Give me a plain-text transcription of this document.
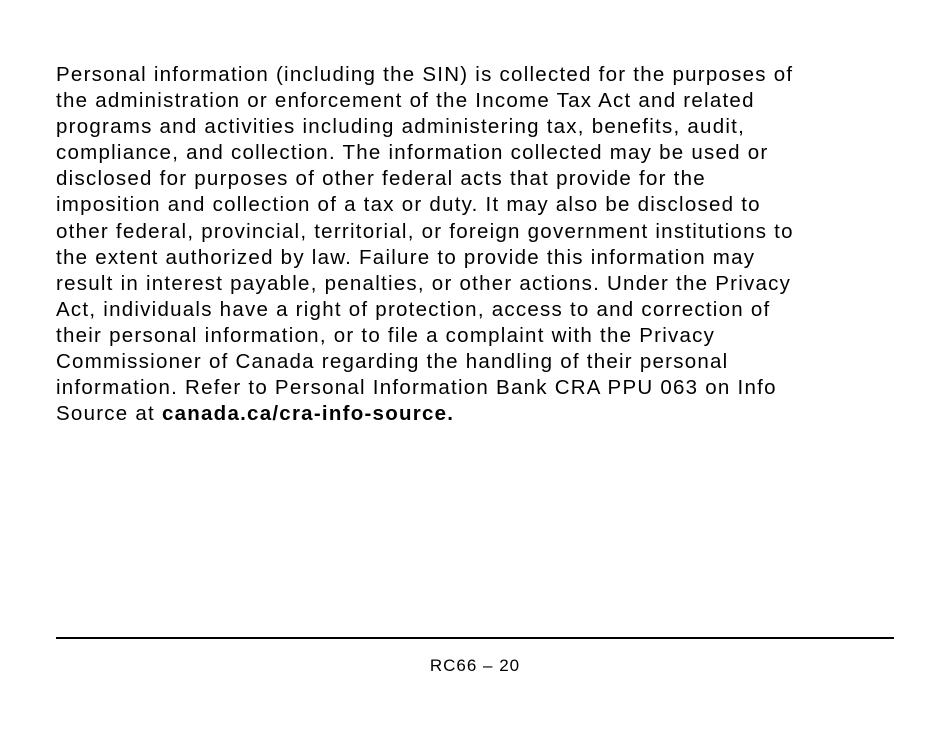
Personal information (including the SIN) is collected for the purposes of
the administration or enforcement of the Income Tax Act and related
programs and activities including administering tax, benefits, audit,
compliance, and collection. The information collected may be used or
disclosed for purposes of other federal acts that provide for the
imposition and collection of a tax or duty. It may also be disclosed to
other federal, provincial, territorial, or foreign government institutions to
the extent authorized by law. Failure to provide this information may
result in interest payable, penalties, or other actions. Under the Privacy
Act, individuals have a right of protection, access to and correction of
their personal information, or to file a complaint with the Privacy
Commissioner of Canada regarding the handling of their personal
information. Refer to Personal Information Bank CRA PPU 063 on Info
Source at canada.ca/cra-info-source.

RC66 – 20
